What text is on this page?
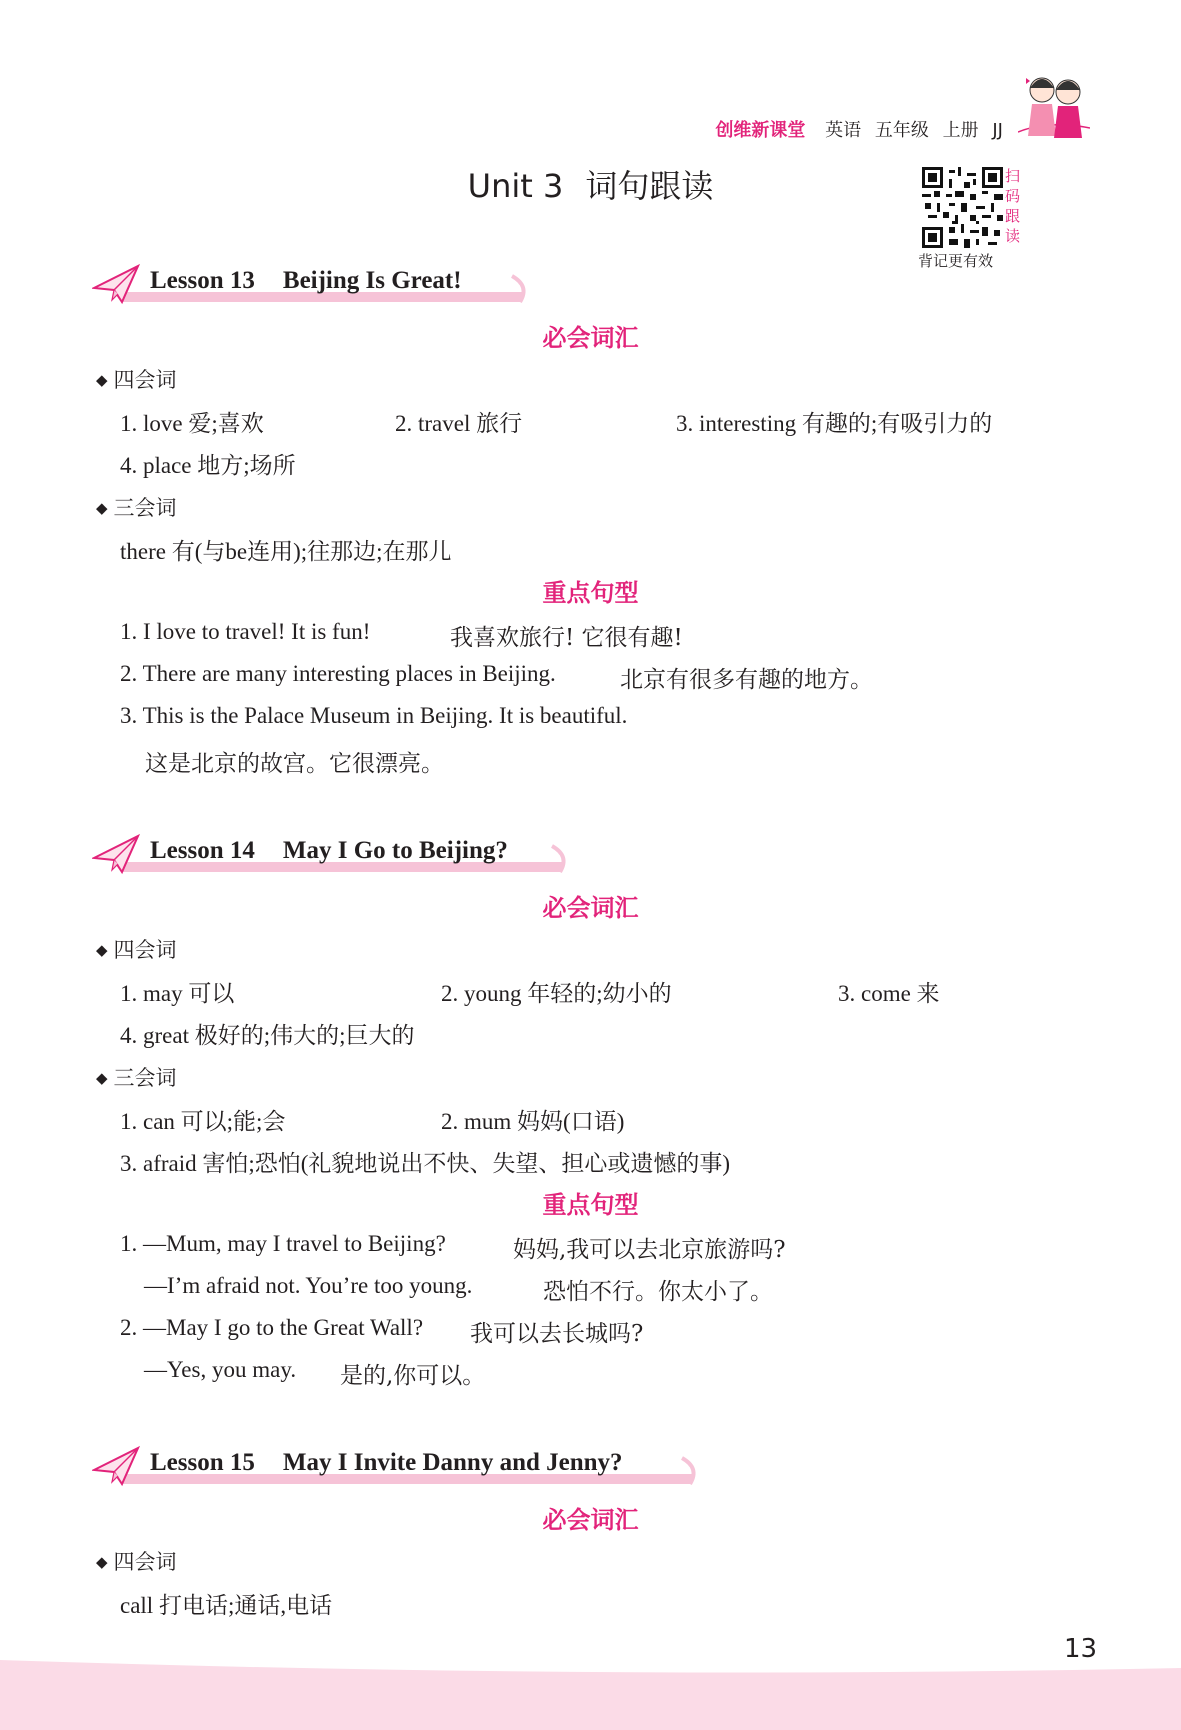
创维新课堂 英语 五年级 上册 JJ
Unit 3 词句跟读	扫
码
跟
读
背记更有效
Lesson 13 Beijing Is Great!
必会词汇
◆ 四会词
1. love 爱;喜欢	2. travel 旅行	3. interesting 有趣的;有吸引力的
4. place 地方;场所
◆ 三会词
there 有(与be连用);往那边;在那儿
重点句型
1. I love to travel! It is fun!	我喜欢旅行! 它很有趣!
2. There are many interesting places in Beijing.	北京有很多有趣的地方。
3. This is the Palace Museum in Beijing. It is beautiful.
这是北京的故宫。它很漂亮。
Lesson 14 May I Go to Beijing?
必会词汇
◆ 四会词
1. may 可以	2. young 年轻的;幼小的	3. come 来
4. great 极好的;伟大的;巨大的
◆ 三会词
1. can 可以;能;会	2. mum 妈妈(口语)
3. afraid 害怕;恐怕(礼貌地说出不快、失望、担心或遗憾的事)
重点句型
1. —Mum, may I travel to Beijing?	妈妈,我可以去北京旅游吗?
—I’m afraid not. You’re too young.	恐怕不行。你太小了。
2. —May I go to the Great Wall? 我可以去长城吗?
—Yes, you may. 是的,你可以。
Lesson 15 May I Invite Danny and Jenny?
必会词汇
◆ 四会词
call 打电话;通话,电话
13
